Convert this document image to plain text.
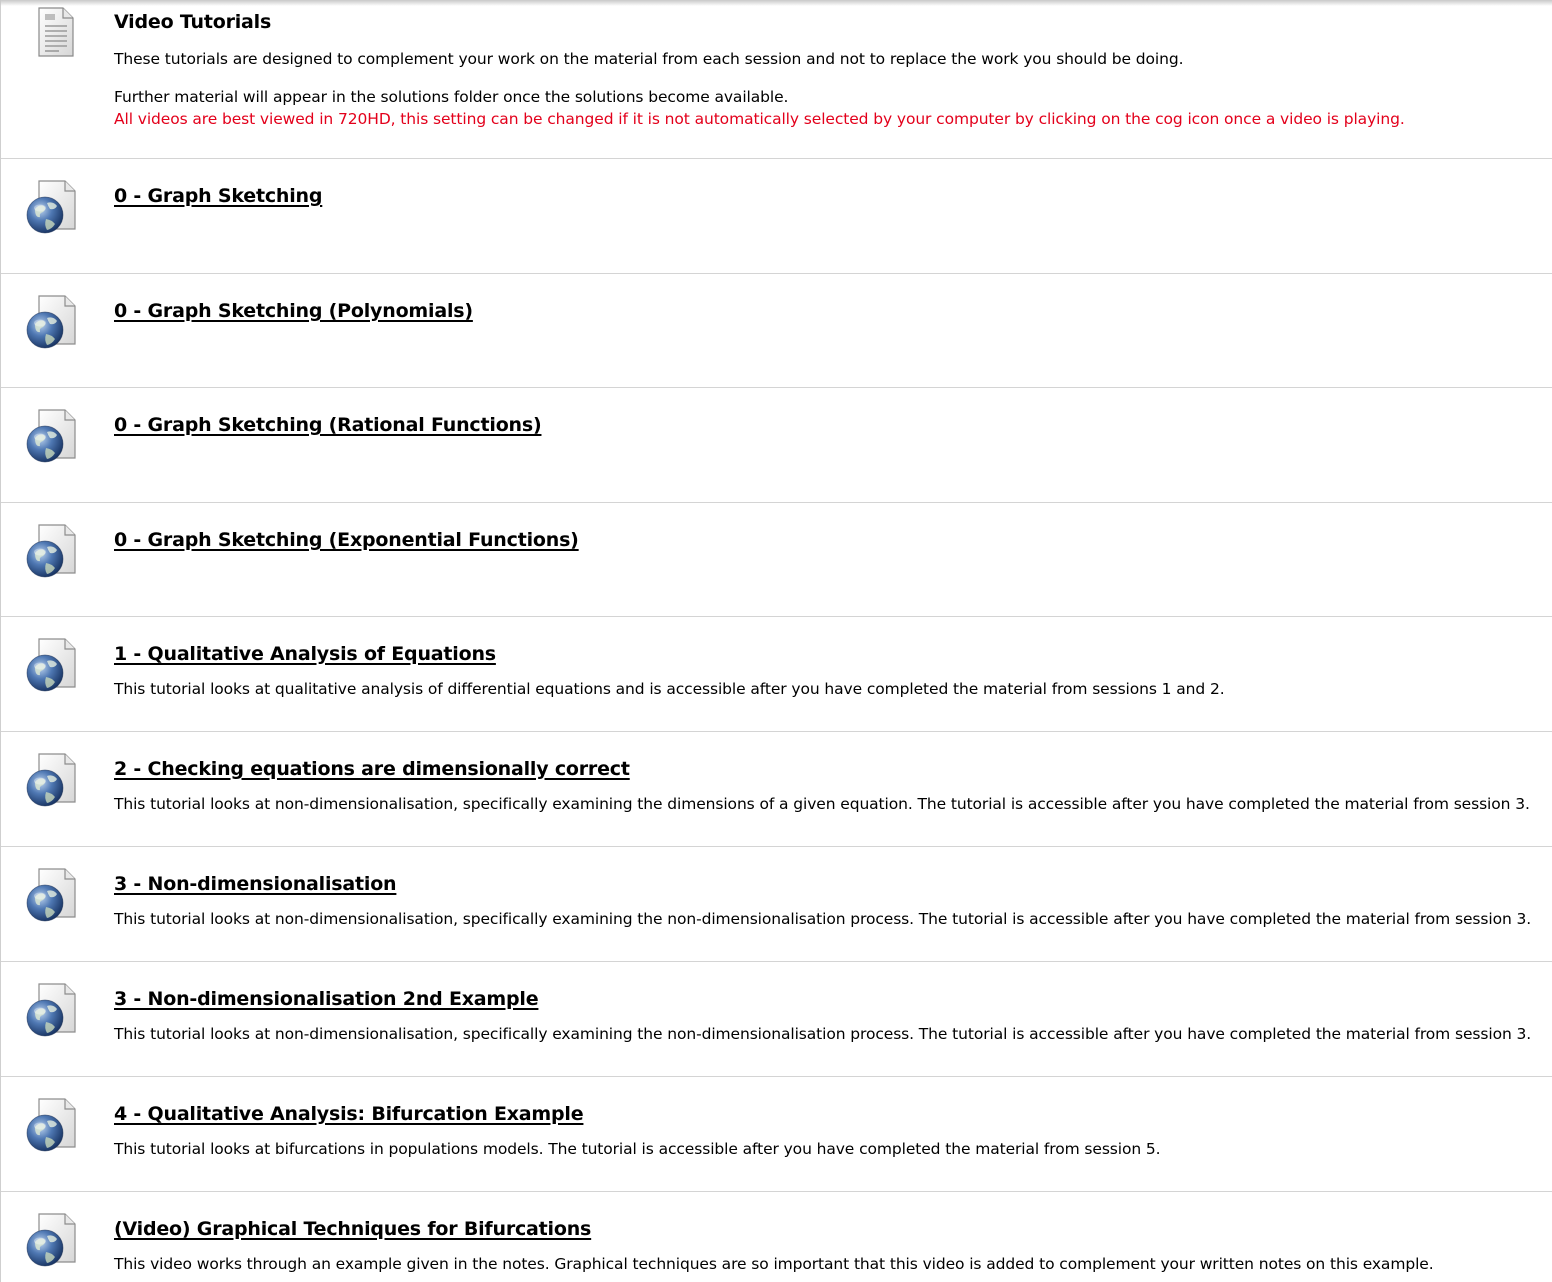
Video Tutorials
These tutorials are designed to complement your work on the material from each session and not to replace the work you should be doing.
Further material will appear in the solutions folder once the solutions become available.
All videos are best viewed in 720HD, this setting can be changed if it is not automatically selected by your computer by clicking on the cog icon once a video is playing.
0 - Graph Sketching
0 - Graph Sketching (Polynomials)
0 - Graph Sketching (Rational Functions)
0 - Graph Sketching (Exponential Functions)
1 - Qualitative Analysis of Equations
This tutorial looks at qualitative analysis of differential equations and is accessible after you have completed the material from sessions 1 and 2.
2 - Checking equations are dimensionally correct
This tutorial looks at non-dimensionalisation, specifically examining the dimensions of a given equation. The tutorial is accessible after you have completed the material from session 3.
3 - Non-dimensionalisation
This tutorial looks at non-dimensionalisation, specifically examining the non-dimensionalisation process. The tutorial is accessible after you have completed the material from session 3.
3 - Non-dimensionalisation 2nd Example
This tutorial looks at non-dimensionalisation, specifically examining the non-dimensionalisation process. The tutorial is accessible after you have completed the material from session 3.
4 - Qualitative Analysis: Bifurcation Example
This tutorial looks at bifurcations in populations models. The tutorial is accessible after you have completed the material from session 5.
(Video) Graphical Techniques for Bifurcations
This video works through an example given in the notes. Graphical techniques are so important that this video is added to complement your written notes on this example.
